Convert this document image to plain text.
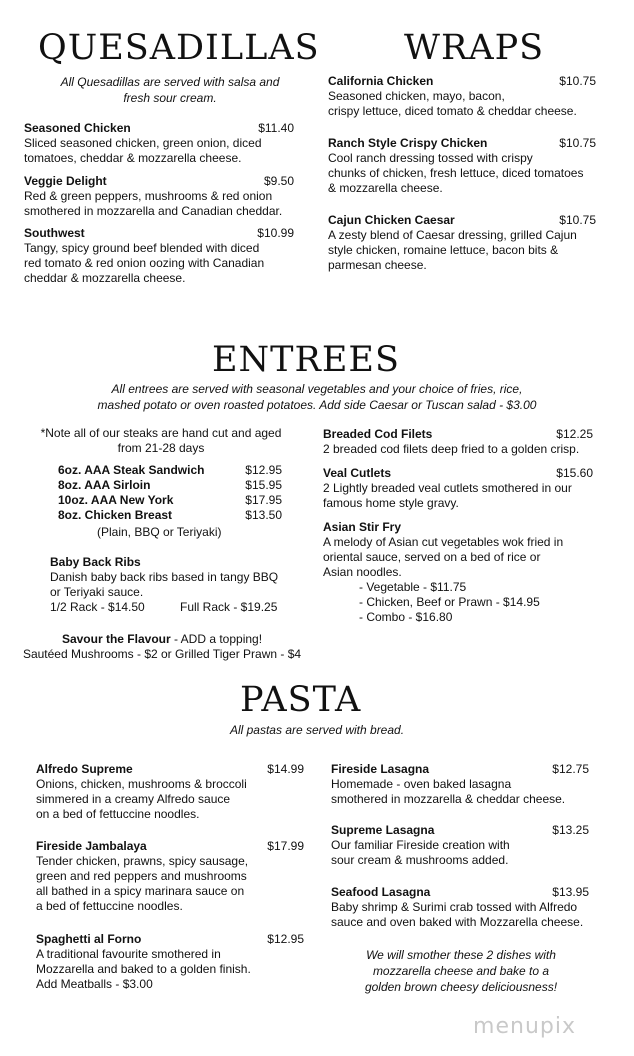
QUESADILLAS
All Quesadillas are served with salsa and
fresh sour cream.
Seasoned Chicken	$11.40
Sliced seasoned chicken, green onion, diced
tomatoes, cheddar & mozzarella cheese.
Veggie Delight	$9.50
Red & green peppers, mushrooms & red onion
smothered in mozzarella and Canadian cheddar.
Southwest	$10.99
Tangy, spicy ground beef blended with diced
red tomato & red onion oozing with Canadian
cheddar & mozzarella cheese.
WRAPS
California Chicken	$10.75
Seasoned chicken, mayo, bacon,
crispy lettuce, diced tomato & cheddar cheese.
Ranch Style Crispy Chicken	$10.75
Cool ranch dressing tossed with crispy
chunks of chicken, fresh lettuce, diced tomatoes
& mozzarella cheese.
Cajun Chicken Caesar	$10.75
A zesty blend of Caesar dressing, grilled Cajun
style chicken, romaine lettuce, bacon bits &
parmesan cheese.
ENTREES
All entrees are served with seasonal vegetables and your choice of fries, rice,
mashed potato or oven roasted potatoes. Add side Caesar or Tuscan salad - $3.00
*Note all of our steaks are hand cut and aged
from 21-28 days
6oz. AAA Steak Sandwich	$12.95
8oz. AAA Sirloin	$15.95
10oz. AAA New York	$17.95
8oz. Chicken Breast	$13.50
(Plain, BBQ or Teriyaki)
Baby Back Ribs
Danish baby back ribs based in tangy BBQ
or Teriyaki sauce.
1/2 Rack - $14.50	Full Rack - $19.25
Savour the Flavour - ADD a topping!
Sautéed Mushrooms - $2 or Grilled Tiger Prawn - $4
Breaded Cod Filets	$12.25
2 breaded cod filets deep fried to a golden crisp.
Veal Cutlets	$15.60
2 Lightly breaded veal cutlets smothered in our
famous home style gravy.
Asian Stir Fry
A melody of Asian cut vegetables wok fried in
oriental sauce, served on a bed of rice or
Asian noodles.
- Vegetable - $11.75
- Chicken, Beef or Prawn - $14.95
- Combo - $16.80
PASTA
All pastas are served with bread.
Alfredo Supreme	$14.99
Onions, chicken, mushrooms & broccoli
simmered in a creamy Alfredo sauce
on a bed of fettuccine noodles.
Fireside Jambalaya	$17.99
Tender chicken, prawns, spicy sausage,
green and red peppers and mushrooms
all bathed in a spicy marinara sauce on
a bed of fettuccine noodles.
Spaghetti al Forno	$12.95
A traditional favourite smothered in
Mozzarella and baked to a golden finish.
Add Meatballs - $3.00
Fireside Lasagna	$12.75
Homemade - oven baked lasagna
smothered in mozzarella & cheddar cheese.
Supreme Lasagna	$13.25
Our familiar Fireside creation with
sour cream & mushrooms added.
Seafood Lasagna	$13.95
Baby shrimp & Surimi crab tossed with Alfredo
sauce and oven baked with Mozzarella cheese.
We will smother these 2 dishes with
mozzarella cheese and bake to a
golden brown cheesy deliciousness!
menupix
